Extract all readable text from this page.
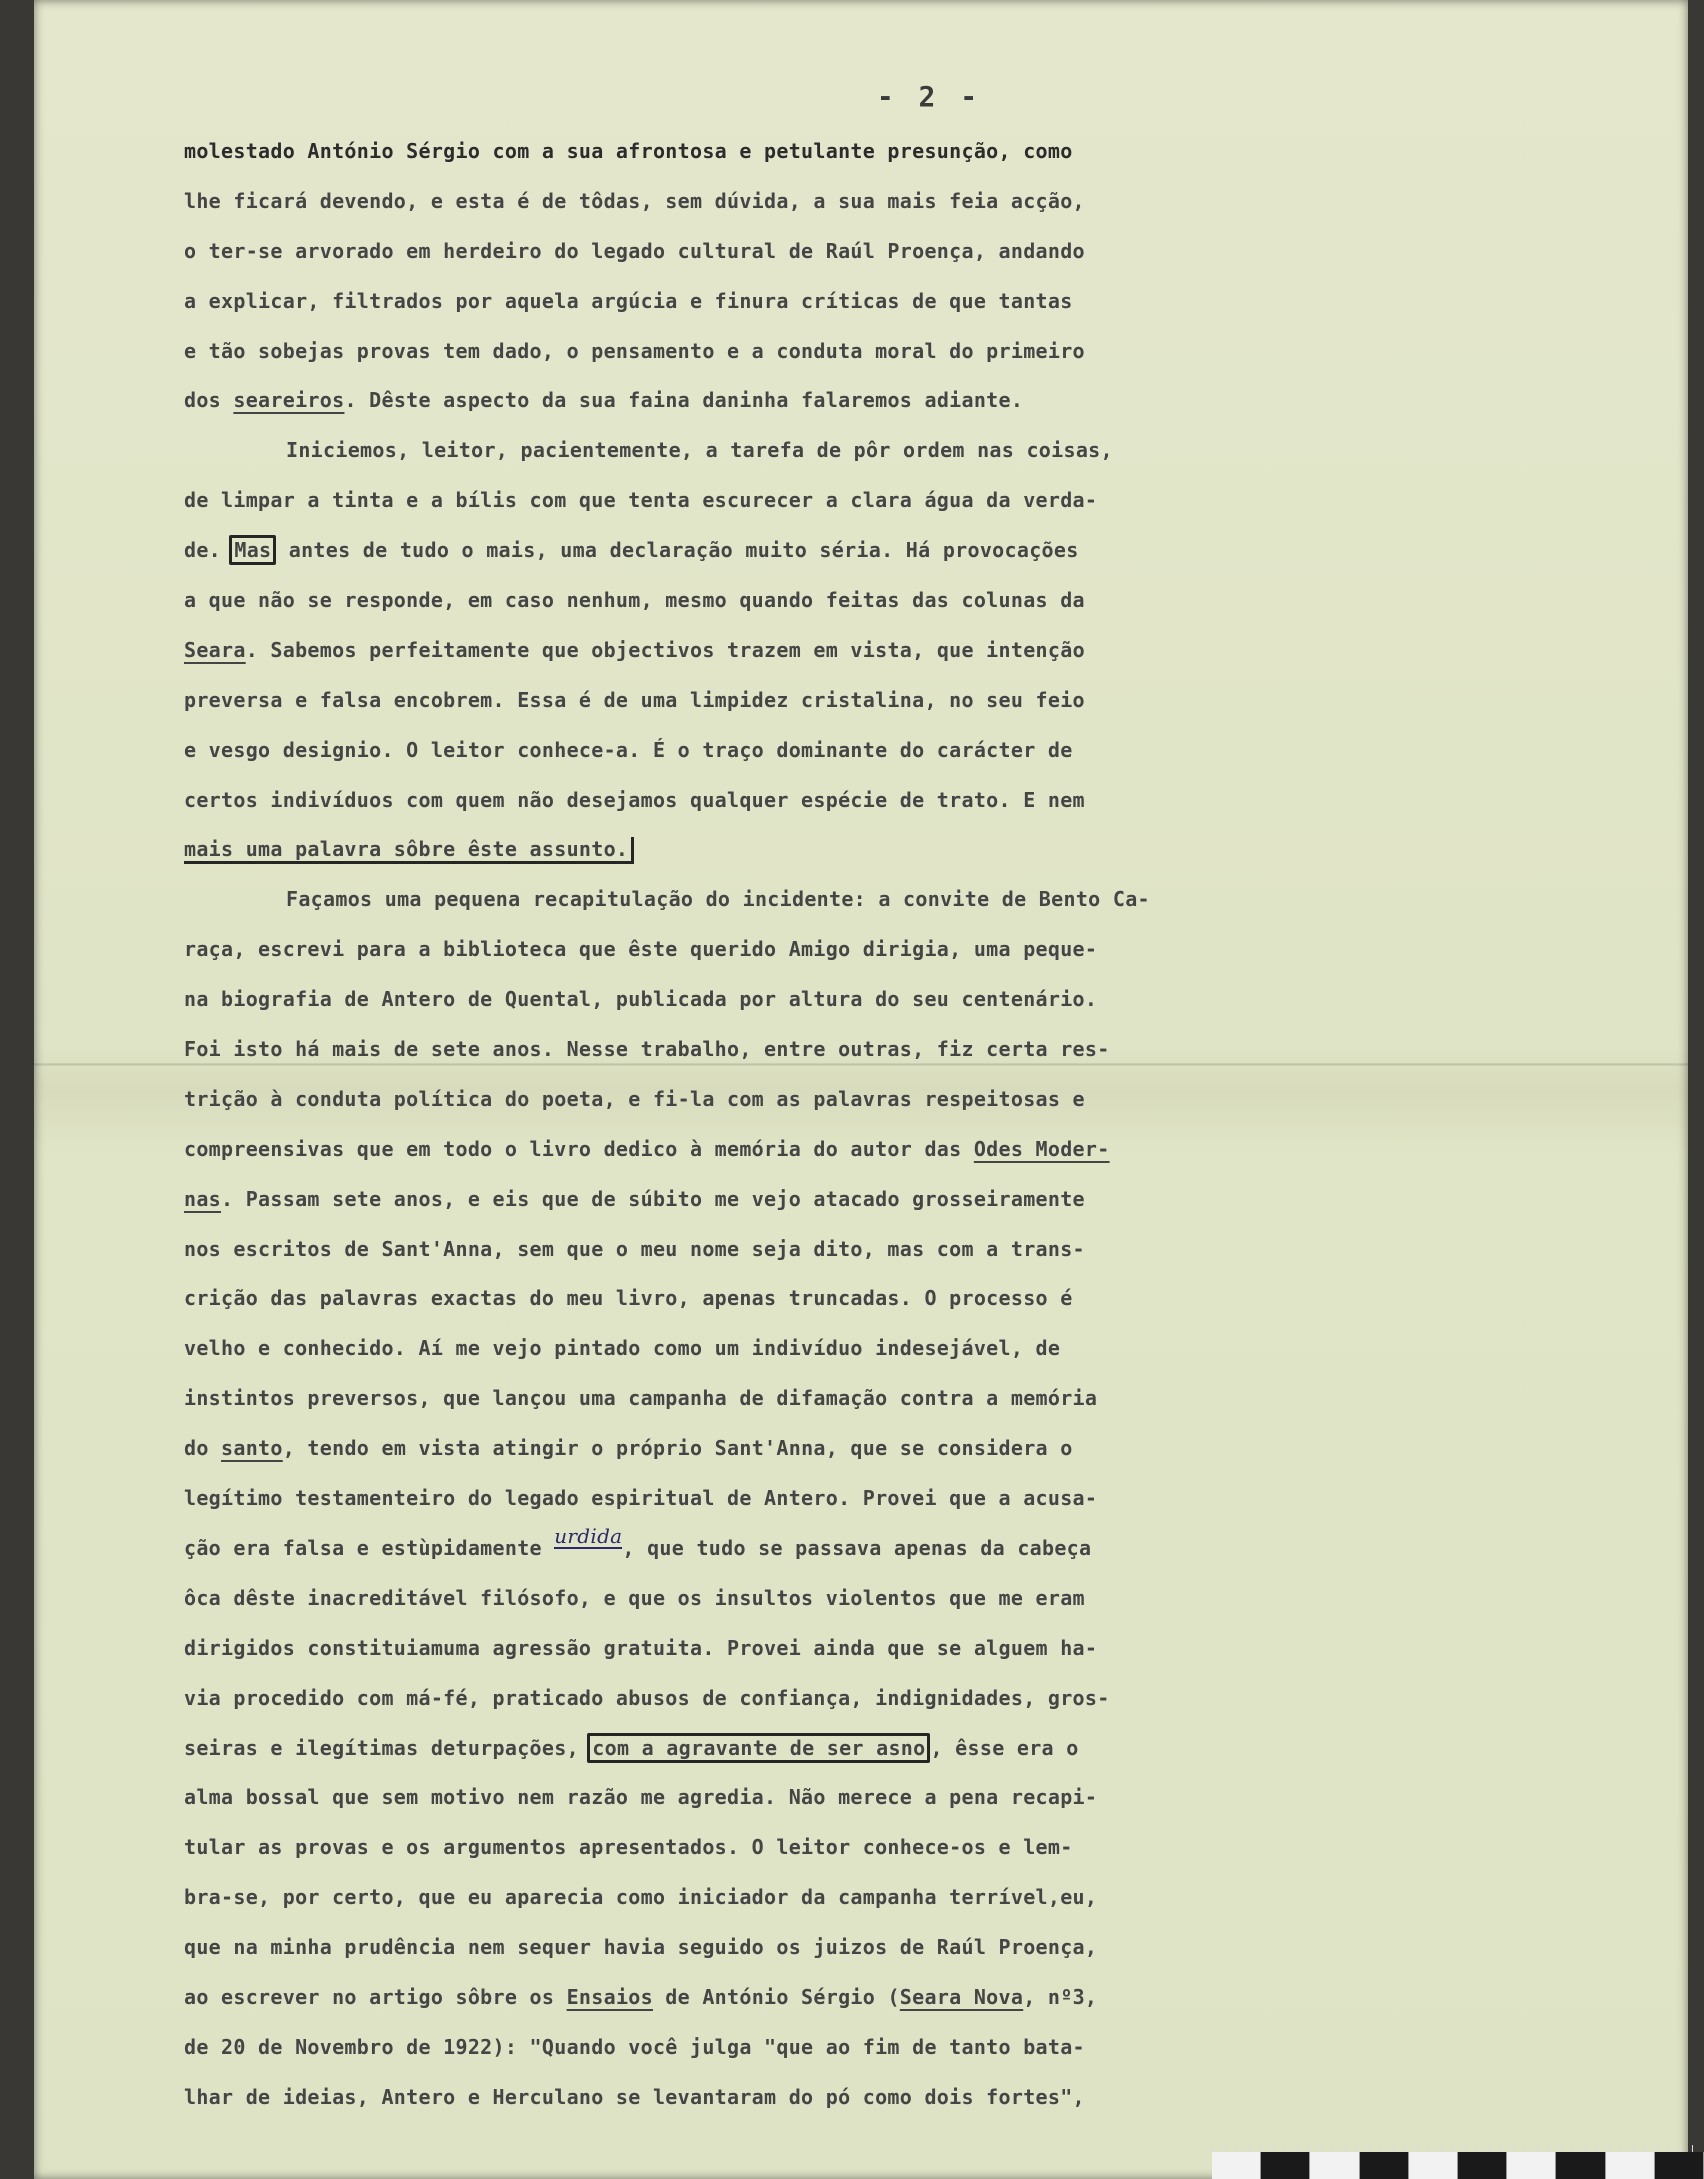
- 2 -
molestado António Sérgio com a sua afrontosa e petulante presunção, como
lhe ficará devendo, e esta é de tôdas, sem dúvida, a sua mais feia acção,
o ter-se arvorado em herdeiro do legado cultural de Raúl Proença, andando
a explicar, filtrados por aquela argúcia e finura críticas de que tantas
e tão sobejas provas tem dado, o pensamento e a conduta moral do primeiro
dos seareiros. Dêste aspecto da sua faina daninha falaremos adiante.
Iniciemos, leitor, pacientemente, a tarefa de pôr ordem nas coisas,
de limpar a tinta e a bílis com que tenta escurecer a clara água da verda-
de. Mas antes de tudo o mais, uma declaração muito séria. Há provocações
a que não se responde, em caso nenhum, mesmo quando feitas das colunas da
Seara. Sabemos perfeitamente que objectivos trazem em vista, que intenção
preversa e falsa encobrem. Essa é de uma limpidez cristalina, no seu feio
e vesgo designio. O leitor conhece-a. É o traço dominante do carácter de
certos indivíduos com quem não desejamos qualquer espécie de trato. E nem
mais uma palavra sôbre êste assunto.
Façamos uma pequena recapitulação do incidente: a convite de Bento Ca-
raça, escrevi para a biblioteca que êste querido Amigo dirigia, uma peque-
na biografia de Antero de Quental, publicada por altura do seu centenário.
Foi isto há mais de sete anos. Nesse trabalho, entre outras, fiz certa res-
trição à conduta política do poeta, e fi-la com as palavras respeitosas e
compreensivas que em todo o livro dedico à memória do autor das Odes Moder-
nas. Passam sete anos, e eis que de súbito me vejo atacado grosseiramente
nos escritos de Sant'Anna, sem que o meu nome seja dito, mas com a trans-
crição das palavras exactas do meu livro, apenas truncadas. O processo é
velho e conhecido. Aí me vejo pintado como um indivíduo indesejável, de
instintos preversos, que lançou uma campanha de difamação contra a memória
do santo, tendo em vista atingir o próprio Sant'Anna, que se considera o
legítimo testamenteiro do legado espiritual de Antero. Provei que a acusa-
ção era falsa e estùpidamente urdida, que tudo se passava apenas da cabeça
ôca dêste inacreditável filósofo, e que os insultos violentos que me eram
dirigidos constituiamuma agressão gratuita. Provei ainda que se alguem ha-
via procedido com má-fé, praticado abusos de confiança, indignidades, gros-
seiras e ilegítimas deturpações, com a agravante de ser asno , êsse era o
alma bossal que sem motivo nem razão me agredia. Não merece a pena recapi-
tular as provas e os argumentos apresentados. O leitor conhece-os e lem-
bra-se, por certo, que eu aparecia como iniciador da campanha terrível,eu,
que na minha prudência nem sequer havia seguido os juizos de Raúl Proença,
ao escrever no artigo sôbre os Ensaios de António Sérgio (Seara Nova, nº3,
de 20 de Novembro de 1922): "Quando você julga "que ao fim de tanto bata-
lhar de ideias, Antero e Herculano se levantaram do pó como dois fortes",
